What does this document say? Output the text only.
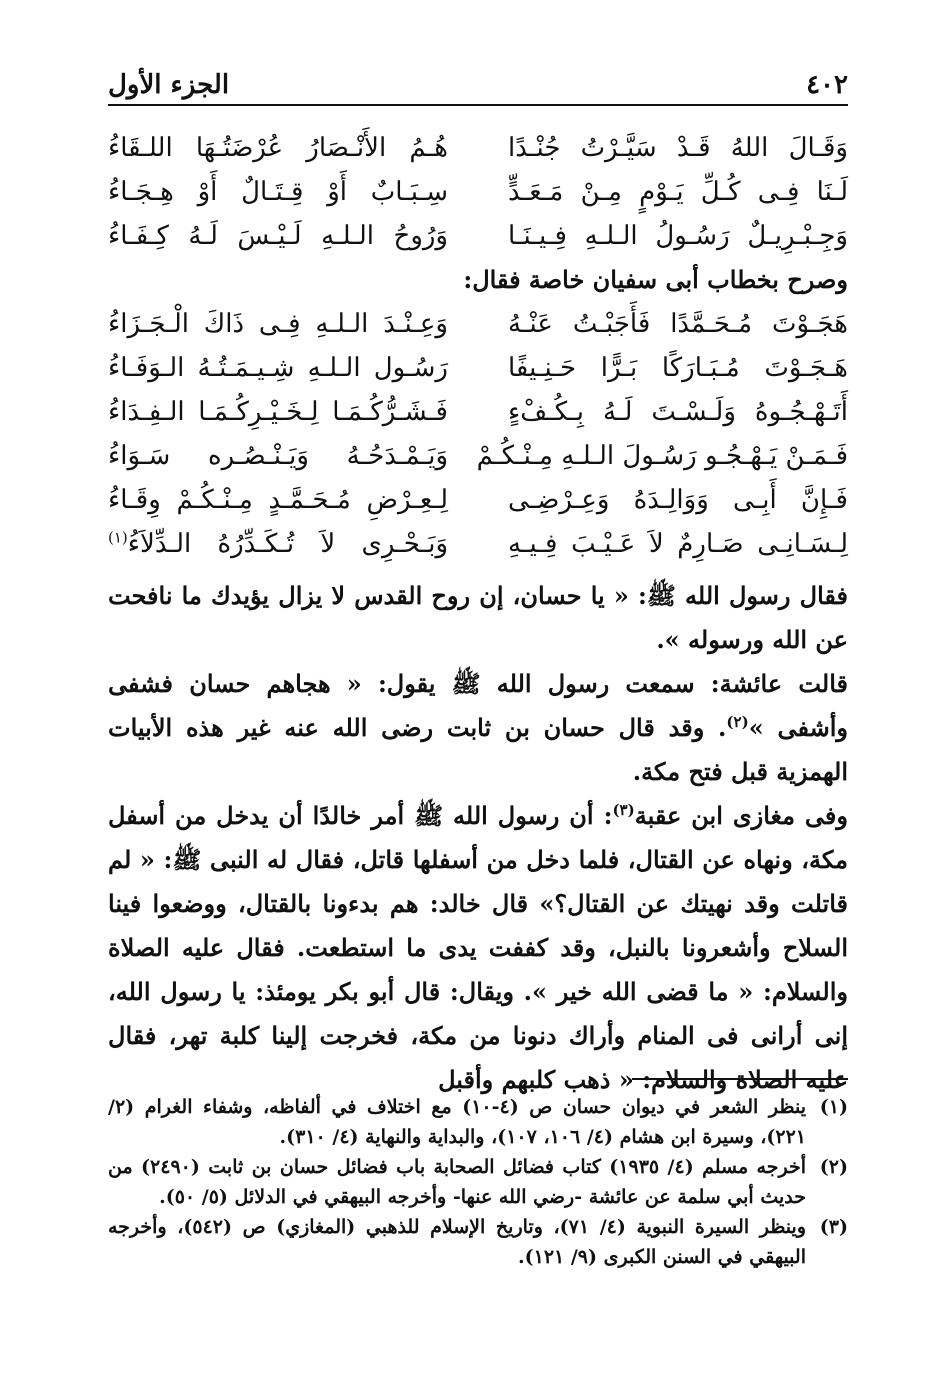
٤٠٢
الجزء الأول
وَقَـالَ اللهُ قَـدْ سَيَّـرْتُ جُنْـدًا
هُـمُ الأَنْـصَارُ عُرْضَتُـهَا اللـقَاءُ
لَـنَا فِـى كُـلِّ يَـوْمٍ مِـنْ مَـعَـدٍّ
سِـبَـابٌ أَوْ قِـتَـالٌ أَوْ هِـجَـاءُ
وَجِـبْـرِيـلٌ رَسُـولُ الـلـهِ فِـيـنَـا
وَرُوحُ الـلـهِ لَـيْـسَ لَـهُ كِـفَـاءُ
وصرح بخطاب أبى سفيان خاصة فقال:
هَجَـوْتَ مُـحَـمَّدًا فَأَجَبْـتُ عَنْـهُ
وَعِـنْـدَ الـلـهِ فِـى ذَاكَ الْـجَـزَاءُ
هَـجَـوْتَ مُـبَـارَكًا بَـرًّا حَـنِـيفًا
رَسُـول الـلـهِ شِـيـمَـتُـهُ الـوَفَـاءُ
أَتَـهْـجُـوهُ وَلَـسْـتَ لَـهُ بِـكُـفْءٍ
فَـشَـرُّكُـمَـا لِـخَـيْـرِكُـمَـا الـفِـدَاءُ
فَـمَـنْ يَـهْـجُـو رَسُـولَ الـلـهِ مِـنْـكُـمْ
وَيَـمْـدَحُـهُ وَيَـنْـصُـره سَـوَاءُ
فَـإِنَّ أَبِـى وَوَالِـدَهُ وَعِـرْضِـى
لِـعِـرْضِ مُـحَـمَّـدٍ مِـنْـكُـمْ وِقَـاءُ
لِـسَـانِـى صَـارِمٌ لاَ عَـيْـبَ فِـيـهِ
وَبَـحْـرِى لاَ تُـكَـدِّرُهُ الـدِّلاَءُ$^{(١)}$

فقال رسول الله ﷺ: « يا حسان، إن روح القدس لا يزال يؤيدك ما نافحت عن الله ورسوله ».

قالت عائشة: سمعت رسول الله ﷺ يقول: « هجاهم حسان فشفى وأشفى »$^{(٢)}$. وقد قال حسان بن ثابت رضى الله عنه غير هذه الأبيات الهمزية قبل فتح مكة.

وفى مغازى ابن عقبة$^{(٣)}$: أن رسول الله ﷺ أمر خالدًا أن يدخل من أسفل مكة، ونهاه عن القتال، فلما دخل من أسفلها قاتل، فقال له النبى ﷺ: « لم قاتلت وقد نهيتك عن القتال؟» قال خالد: هم بدءونا بالقتال، ووضعوا فينا السلاح وأشعرونا بالنبل، وقد كففت يدى ما استطعت. فقال عليه الصلاة والسلام: « ما قضى الله خير ». ويقال: قال أبو بكر يومئذ: يا رسول الله، إنى أرانى فى المنام وأراك دنونا من مكة، فخرجت إلينا كلبة تهر، فقال عليه الصلاة والسلام: « ذهب كلبهم وأقبل

(١)
ينظر الشعر في ديوان حسان ص (٤-١٠) مع اختلاف في ألفاظه، وشفاء الغرام (٢/ ٢٢١)، وسيرة ابن هشام (٤/ ١٠٦، ١٠٧)، والبداية والنهاية (٤/ ٣١٠).
(٢)
أخرجه مسلم (٤/ ١٩٣٥) كتاب فضائل الصحابة باب فضائل حسان بن ثابت (٢٤٩٠) من حديث أبي سلمة عن عائشة -رضي الله عنها- وأخرجه البيهقي في الدلائل (٥/ ٥٠).
(٣)
وينظر السيرة النبوية (٤/ ٧١)، وتاريخ الإسلام للذهبي (المغازي) ص (٥٤٢)، وأخرجه البيهقي في السنن الكبرى (٩/ ١٢١).
